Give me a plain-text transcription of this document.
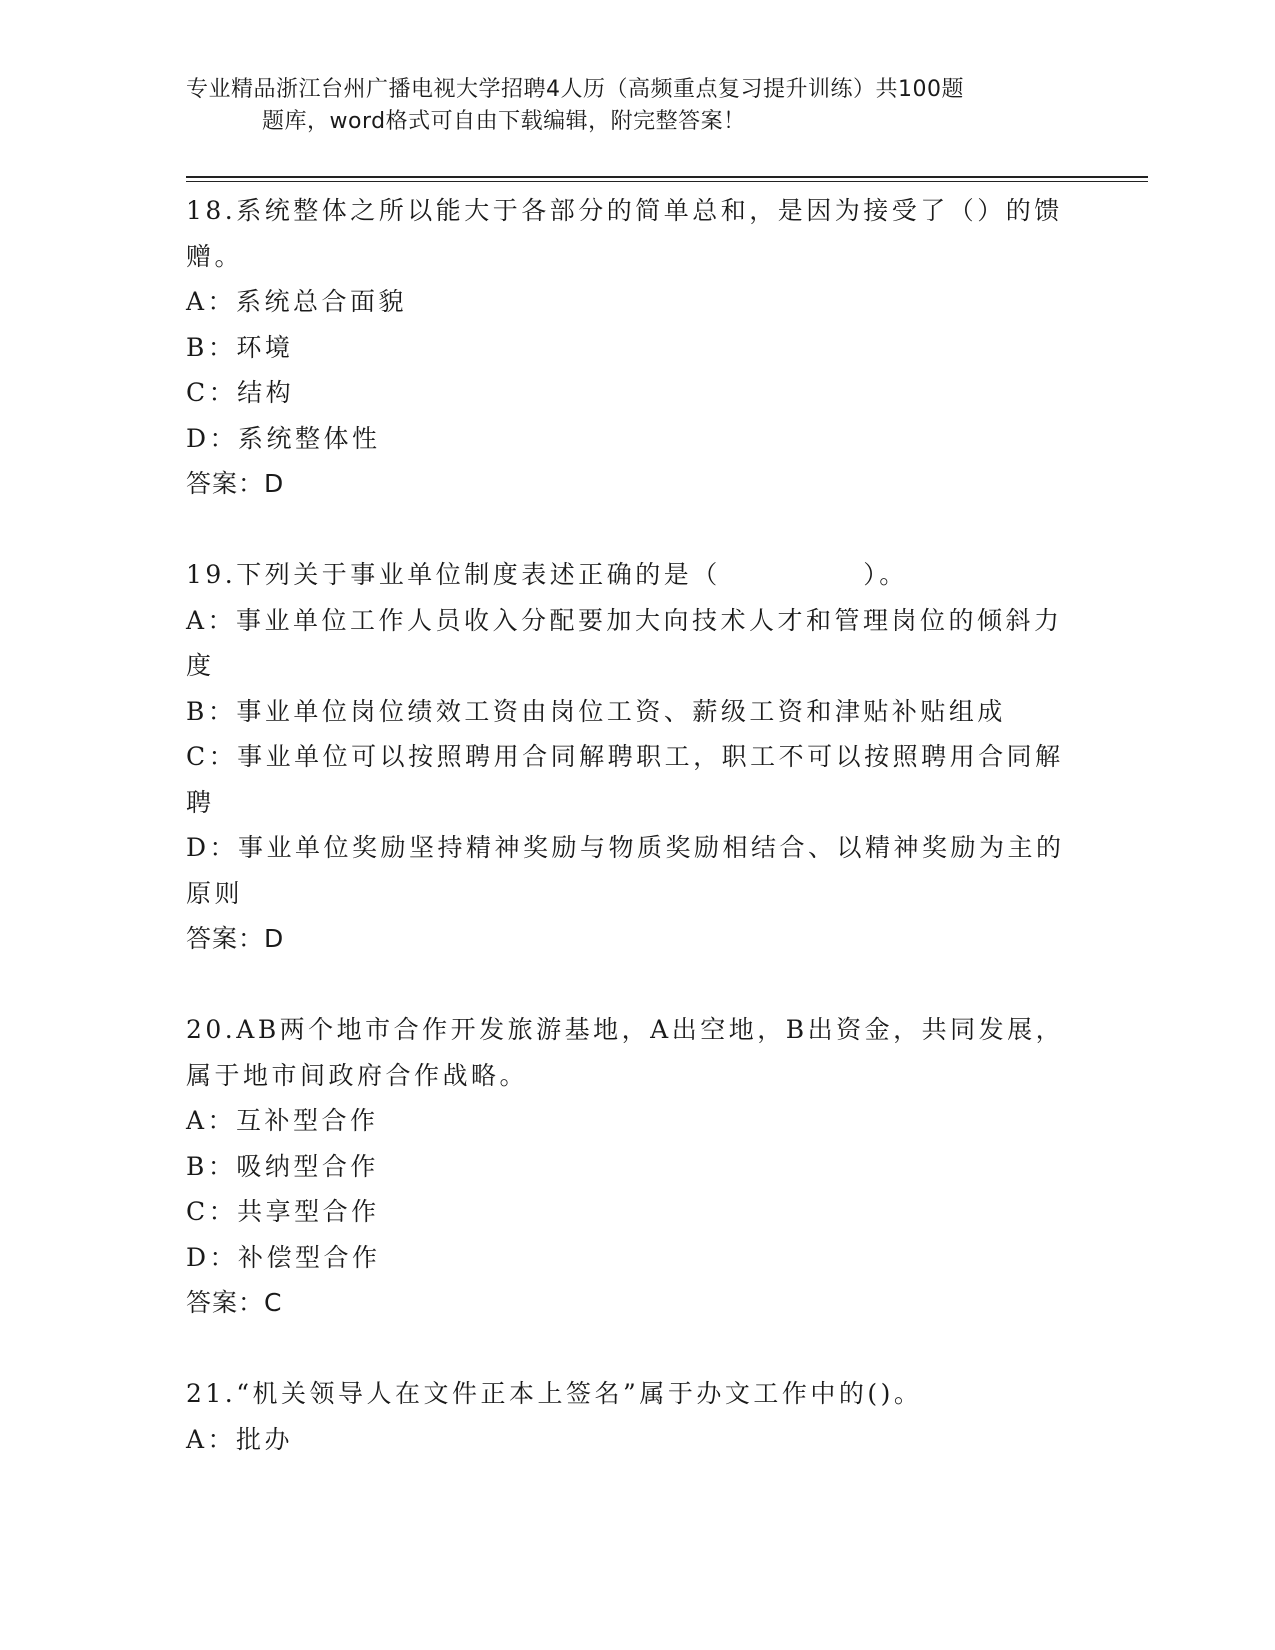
专业精品浙江台州广播电视大学招聘4人历（高频重点复习提升训练）共100题
题库，word格式可自由下载编辑，附完整答案！
18.系统整体之所以能大于各部分的简单总和，是因为接受了（）的馈赠。
A：系统总合面貌
B：环境
C：结构
D：系统整体性
答案：D
19.下列关于事业单位制度表述正确的是（　　　　　）。
A：事业单位工作人员收入分配要加大向技术人才和管理岗位的倾斜力度
B：事业单位岗位绩效工资由岗位工资、薪级工资和津贴补贴组成
C：事业单位可以按照聘用合同解聘职工，职工不可以按照聘用合同解聘
D：事业单位奖励坚持精神奖励与物质奖励相结合、以精神奖励为主的原则
答案：D
20.AB两个地市合作开发旅游基地，A出空地，B出资金，共同发展，属于地市间政府合作战略。
A：互补型合作
B：吸纳型合作
C：共享型合作
D：补偿型合作
答案：C
21.“机关领导人在文件正本上签名”属于办文工作中的()。
A：批办
